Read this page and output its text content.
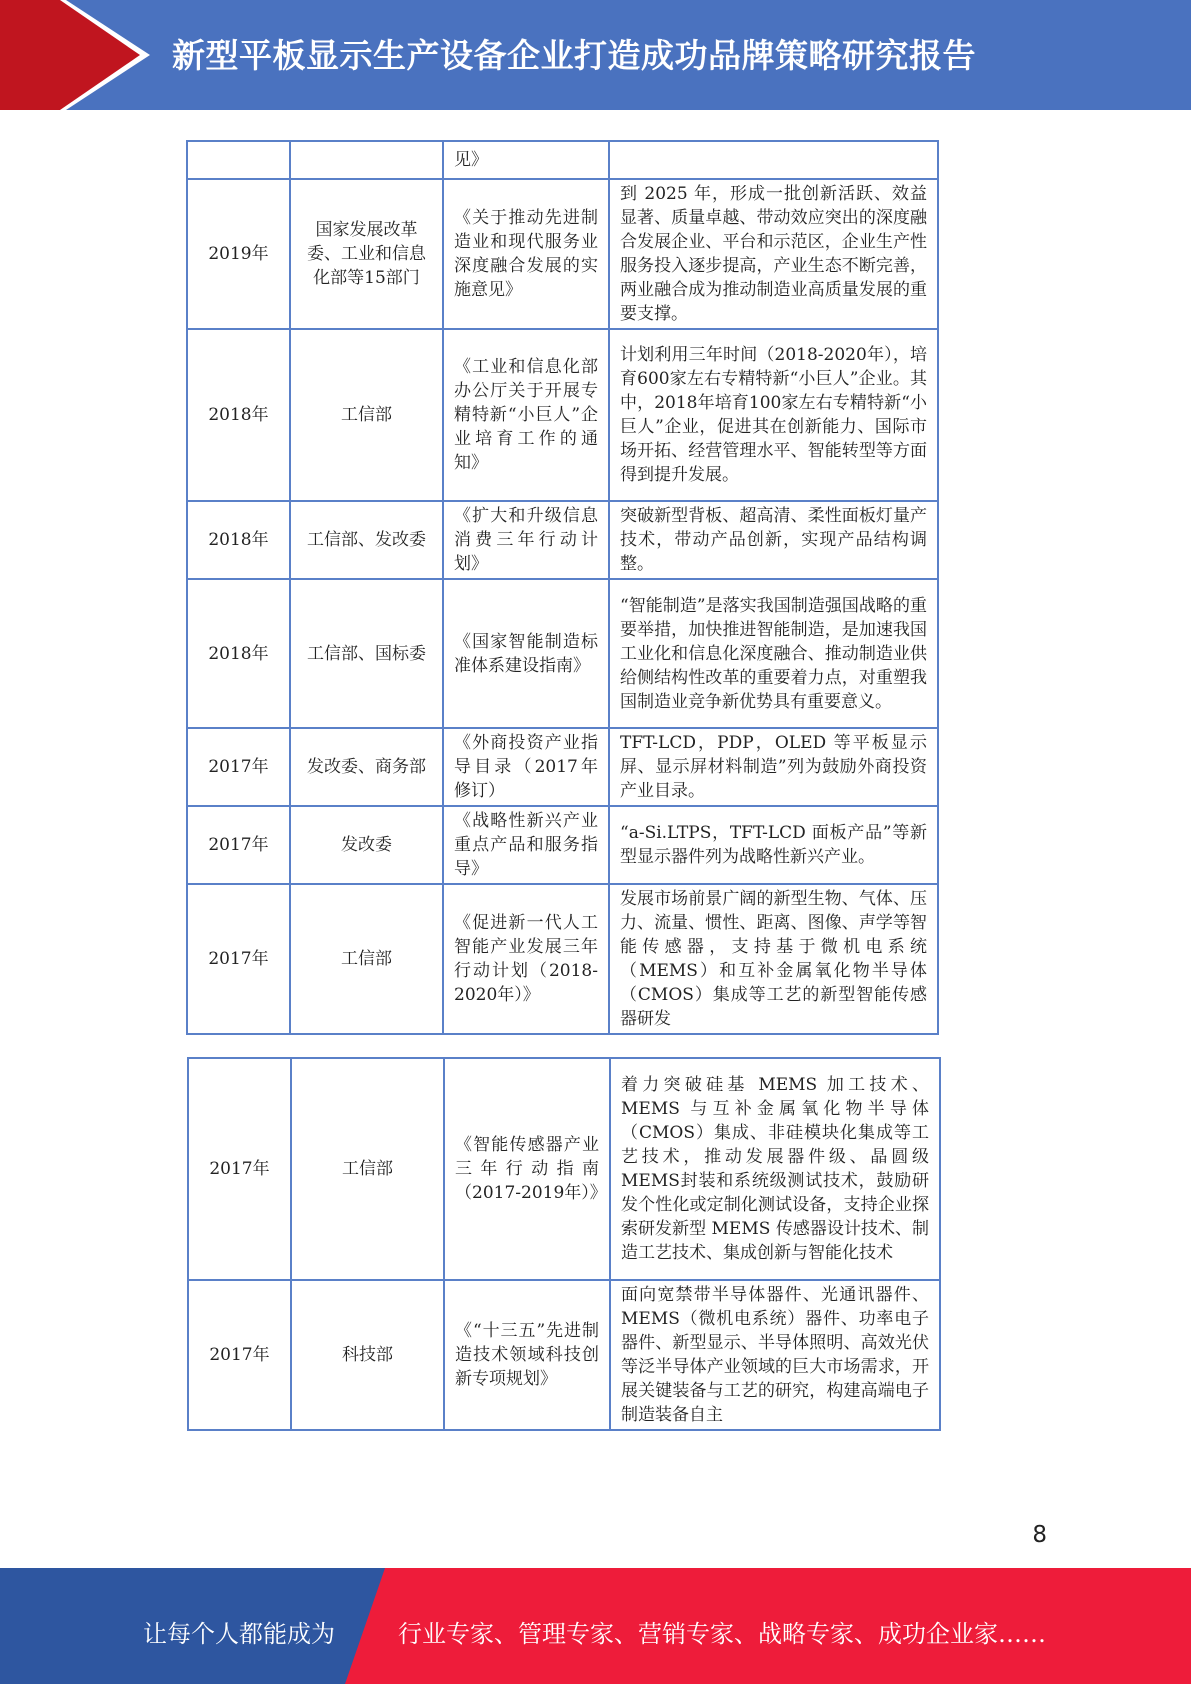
新型平板显示生产设备企业打造成功品牌策略研究报告
		见》	
2019年	国家发展改革委、工业和信息化部等15部门	《关于推动先进制造业和现代服务业深度融合发展的实施意见》	到 2025 年，形成一批创新活跃、效益显著、质量卓越、带动效应突出的深度融合发展企业、平台和示范区，企业生产性服务投入逐步提高，产业生态不断完善，两业融合成为推动制造业高质量发展的重要支撑。
2018年	工信部	《工业和信息化部办公厅关于开展专精特新“小巨人”企业培育工作的通知》	计划利用三年时间（2018-2020年），培育600家左右专精特新“小巨人”企业。其中，2018年培育100家左右专精特新“小巨人”企业，促进其在创新能力、国际市场开拓、经营管理水平、智能转型等方面得到提升发展。
2018年	工信部、发改委	《扩大和升级信息消费三年行动计划》	突破新型背板、超高清、柔性面板灯量产技术，带动产品创新，实现产品结构调整。
2018年	工信部、国标委	《国家智能制造标准体系建设指南》	“智能制造”是落实我国制造强国战略的重要举措，加快推进智能制造，是加速我国工业化和信息化深度融合、推动制造业供给侧结构性改革的重要着力点，对重塑我国制造业竞争新优势具有重要意义。
2017年	发改委、商务部	《外商投资产业指导目录（2017年修订）	TFT-LCD，PDP，OLED 等平板显示屏、显示屏材料制造”列为鼓励外商投资产业目录。
2017年	发改委	《战略性新兴产业重点产品和服务指导》	“a-Si.LTPS，TFT-LCD 面板产品”等新型显示器件列为战略性新兴产业。
2017年	工信部	《促进新一代人工智能产业发展三年行动计划（2018-2020年）》	发展市场前景广阔的新型生物、气体、压力、流量、惯性、距离、图像、声学等智能传感器，支持基于微机电系统（MEMS）和互补金属氧化物半导体（CMOS）集成等工艺的新型智能传感器研发
2017年	工信部	《智能传感器产业三年行动指南（2017-2019年）》	着力突破硅基 MEMS 加工技术、MEMS 与互补金属氧化物半导体（CMOS）集成、非硅模块化集成等工艺技术，推动发展器件级、晶圆级MEMS封装和系统级测试技术，鼓励研发个性化或定制化测试设备，支持企业探索研发新型 MEMS 传感器设计技术、制造工艺技术、集成创新与智能化技术
2017年	科技部	《“十三五”先进制造技术领域科技创新专项规划》	面向宽禁带半导体器件、光通讯器件、MEMS（微机电系统）器件、功率电子器件、新型显示、半导体照明、高效光伏等泛半导体产业领域的巨大市场需求，开展关键装备与工艺的研究，构建高端电子制造装备自主
8
让每个人都能成为	行业专家、管理专家、营销专家、战略专家、成功企业家……
